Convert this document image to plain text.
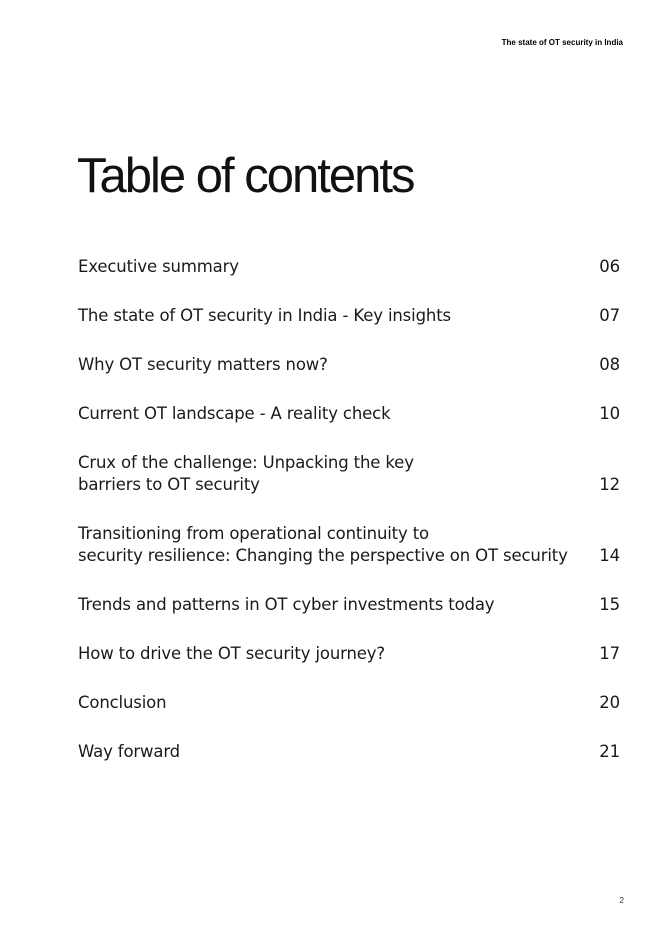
The state of OT security in India
Table of contents
Executive summary	06
The state of OT security in India - Key insights	07
Why OT security matters now?	08
Current OT landscape - A reality check	10
Crux of the challenge: Unpacking the key
barriers to OT security	12
Transitioning from operational continuity to
security resilience: Changing the perspective on OT security	14
Trends and patterns in OT cyber investments today	15
How to drive the OT security journey?	17
Conclusion	20
Way forward	21
2
